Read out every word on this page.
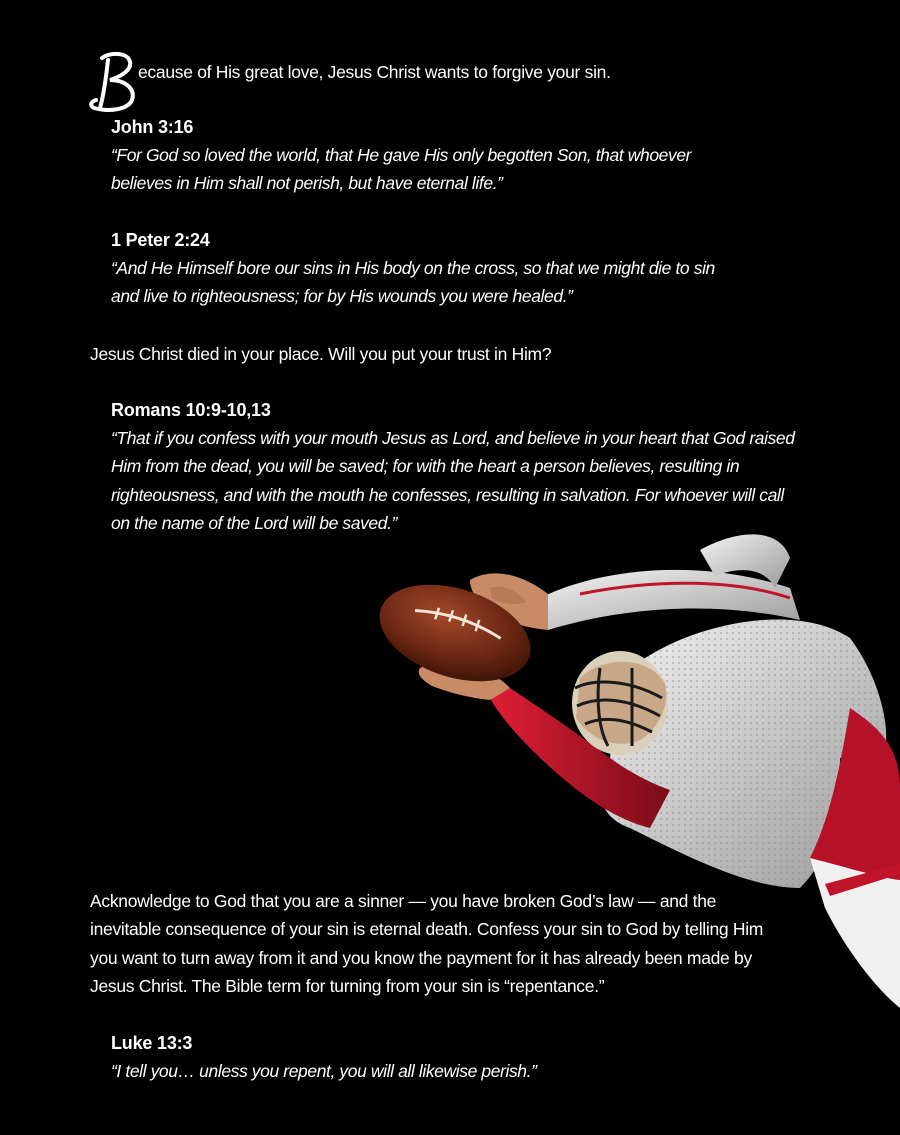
ecause of His great love, Jesus Christ wants to forgive your sin.

John 3:16

“For God so loved the world, that He gave His only begotten Son, that whoever

believes in Him shall not perish, but have eternal life.”

1 Peter 2:24

“And He Himself bore our sins in His body on the cross, so that we might die to sin

and live to righteousness; for by His wounds you were healed.”

Jesus Christ died in your place. Will you put your trust in Him?

Romans 10:9-10,13

“That if you confess with your mouth Jesus as Lord, and believe in your heart that God raised

Him from the dead, you will be saved; for with the heart a person believes, resulting in

righteousness, and with the mouth he confesses, resulting in salvation. For whoever will call

on the name of the Lord will be saved.”

Acknowledge to God that you are a sinner — you have broken God’s law — and the

inevitable consequence of your sin is eternal death. Confess your sin to God by telling Him

you want to turn away from it and you know the payment for it has already been made by

Jesus Christ. The Bible term for turning from your sin is “repentance.”

Luke 13:3

“I tell you… unless you repent, you will all likewise perish.”
